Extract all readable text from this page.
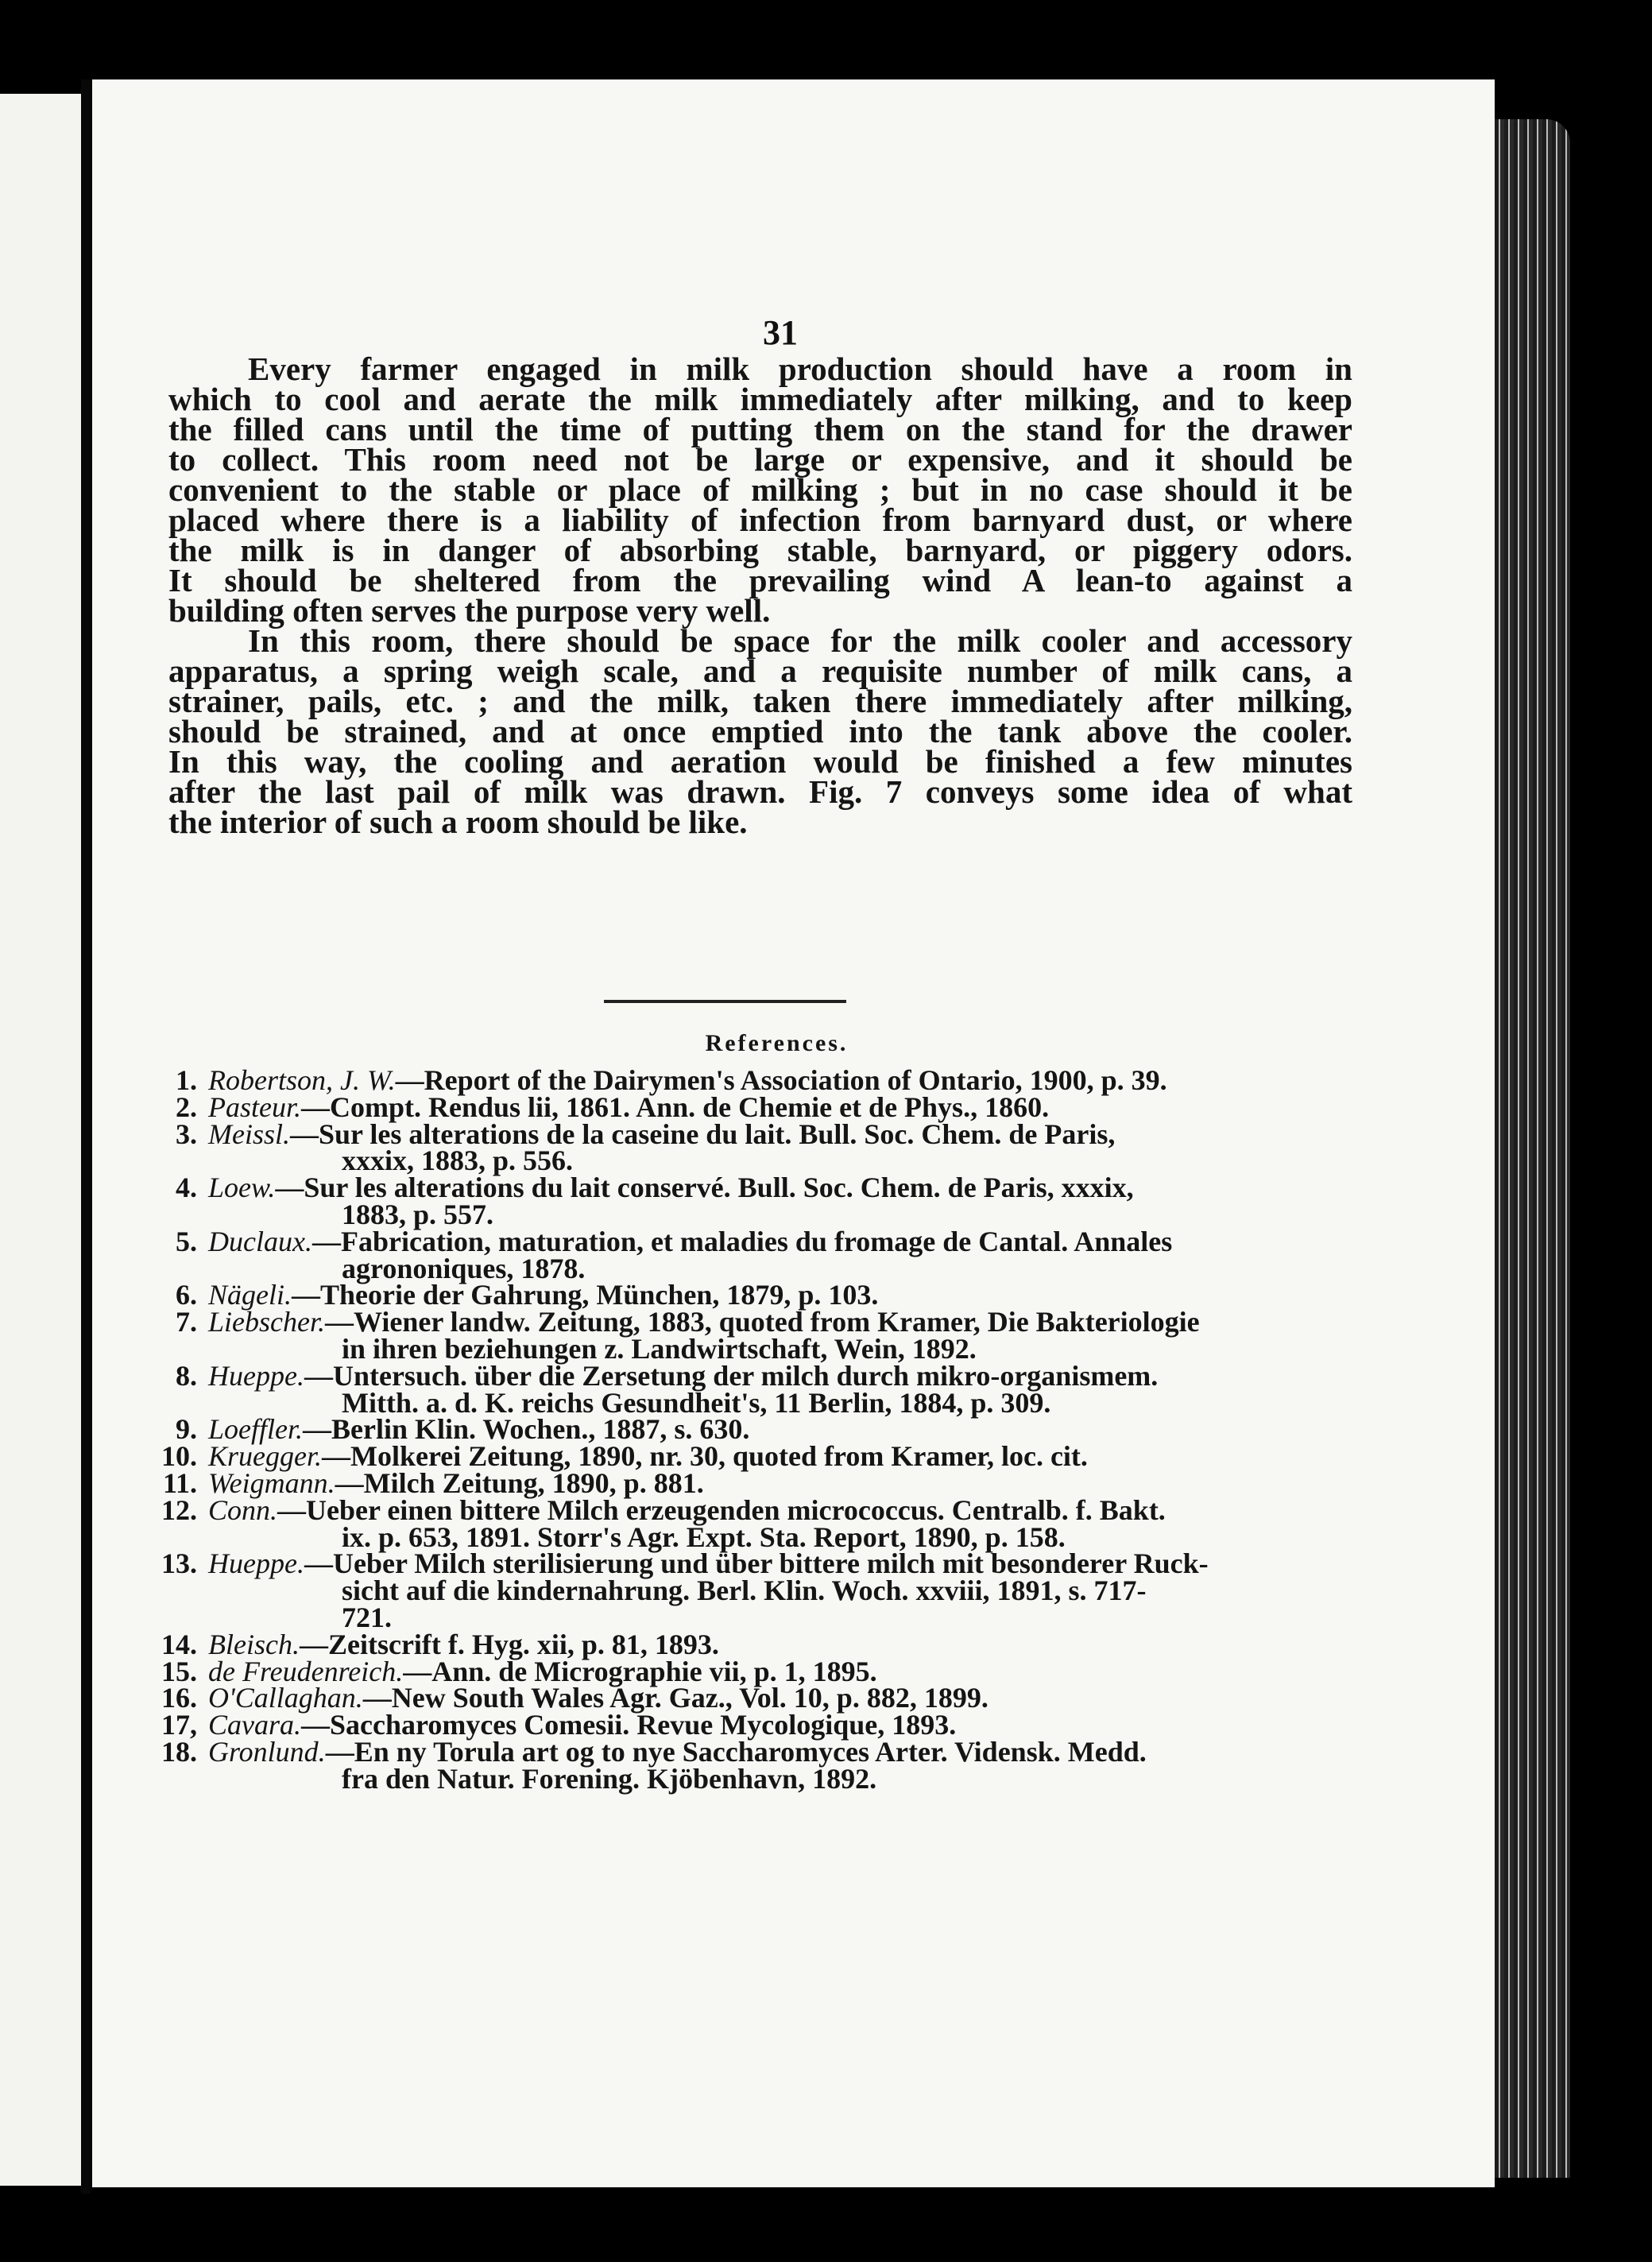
31
Every farmer engaged in milk production should have a room in
which to cool and aerate the milk immediately after milking, and to keep
the filled cans until the time of putting them on the stand for the drawer
to collect. This room need not be large or expensive, and it should be
convenient to the stable or place of milking ; but in no case should it be
placed where there is a liability of infection from barnyard dust, or where
the milk is in danger of absorbing stable, barnyard, or piggery odors.
It should be sheltered from the prevailing wind A lean-to against a
building often serves the purpose very well.
In this room, there should be space for the milk cooler and accessory
apparatus, a spring weigh scale, and a requisite number of milk cans, a
strainer, pails, etc. ; and the milk, taken there immediately after milking,
should be strained, and at once emptied into the tank above the cooler.
In this way, the cooling and aeration would be finished a few minutes
after the last pail of milk was drawn. Fig. 7 conveys some idea of what
the interior of such a room should be like.
References.
1. Robertson, J. W.—Report of the Dairymen's Association of Ontario, 1900, p. 39.
2. Pasteur.—Compt. Rendus lii, 1861. Ann. de Chemie et de Phys., 1860.
3. Meissl.—Sur les alterations de la caseine du lait. Bull. Soc. Chem. de Paris,
xxxix, 1883, p. 556.
4. Loew.—Sur les alterations du lait conservé. Bull. Soc. Chem. de Paris, xxxix,
1883, p. 557.
5. Duclaux.—Fabrication, maturation, et maladies du fromage de Cantal. Annales
agrononiques, 1878.
6. Nägeli.—Theorie der Gahrung, München, 1879, p. 103.
7. Liebscher.—Wiener landw. Zeitung, 1883, quoted from Kramer, Die Bakteriologie
in ihren beziehungen z. Landwirtschaft, Wein, 1892.
8. Hueppe.—Untersuch. über die Zersetung der milch durch mikro-organismem.
Mitth. a. d. K. reichs Gesundheit's, 11 Berlin, 1884, p. 309.
9. Loeffler.—Berlin Klin. Wochen., 1887, s. 630.
10. Kruegger.—Molkerei Zeitung, 1890, nr. 30, quoted from Kramer, loc. cit.
11. Weigmann.—Milch Zeitung, 1890, p. 881.
12. Conn.—Ueber einen bittere Milch erzeugenden micrococcus. Centralb. f. Bakt.
ix. p. 653, 1891. Storr's Agr. Expt. Sta. Report, 1890, p. 158.
13. Hueppe.—Ueber Milch sterilisierung und über bittere milch mit besonderer Ruck-
sicht auf die kindernahrung. Berl. Klin. Woch. xxviii, 1891, s. 717-
721.
14. Bleisch.—Zeitscrift f. Hyg. xii, p. 81, 1893.
15. de Freudenreich.—Ann. de Micrographie vii, p. 1, 1895.
16. O'Callaghan.—New South Wales Agr. Gaz., Vol. 10, p. 882, 1899.
17, Cavara.—Saccharomyces Comesii. Revue Mycologique, 1893.
18. Gronlund.—En ny Torula art og to nye Saccharomyces Arter. Vidensk. Medd.
fra den Natur. Forening. Kjöbenhavn, 1892.
